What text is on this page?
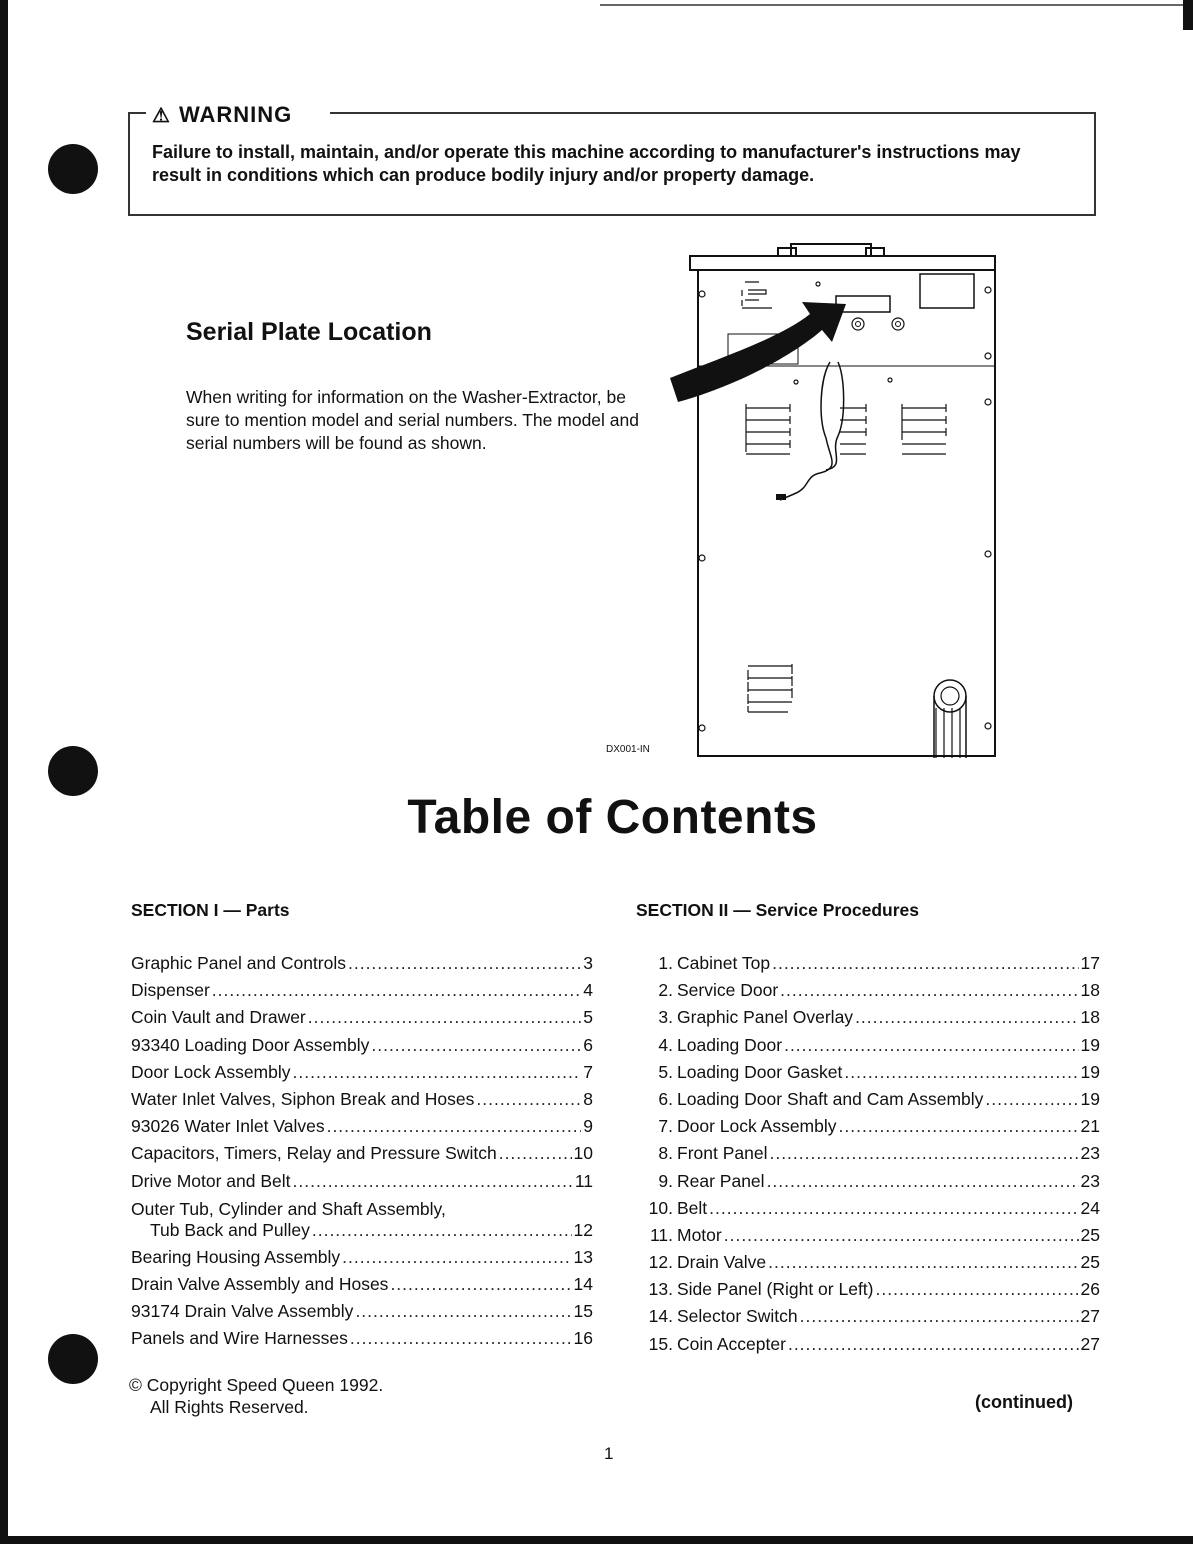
⚠ WARNING
Failure to install, maintain, and/or operate this machine according to manufacturer's instructions may result in conditions which can produce bodily injury and/or property damage.
Serial Plate Location
When writing for information on the Washer-Extractor, be sure to mention model and serial numbers. The model and serial numbers will be found as shown.
DX001-IN
Table of Contents
SECTION I — Parts	SECTION II — Service Procedures
Graphic Panel and Controls .....	3
Dispenser .....	4
Coin Vault and Drawer .....	5
93340 Loading Door Assembly .....	6
Door Lock Assembly .....	7
Water Inlet Valves, Siphon Break and Hoses .....	8
93026 Water Inlet Valves .....	9
Capacitors, Timers, Relay and Pressure Switch .....	10
Drive Motor and Belt .....	11
Outer Tub, Cylinder and Shaft Assembly,
Tub Back and Pulley .....	12
Bearing Housing Assembly .....	13
Drain Valve Assembly and Hoses .....	14
93174 Drain Valve Assembly .....	15
Panels and Wire Harnesses .....	16
1. Cabinet Top .....	17
2. Service Door .....	18
3. Graphic Panel Overlay .....	18
4. Loading Door .....	19
5. Loading Door Gasket .....	19
6. Loading Door Shaft and Cam Assembly .....	19
7. Door Lock Assembly .....	21
8. Front Panel .....	23
9. Rear Panel .....	23
10. Belt .....	24
11. Motor .....	25
12. Drain Valve .....	25
13. Side Panel (Right or Left) .....	26
14. Selector Switch .....	27
15. Coin Accepter .....	27
© Copyright Speed Queen 1992.
All Rights Reserved.	(continued)
1
